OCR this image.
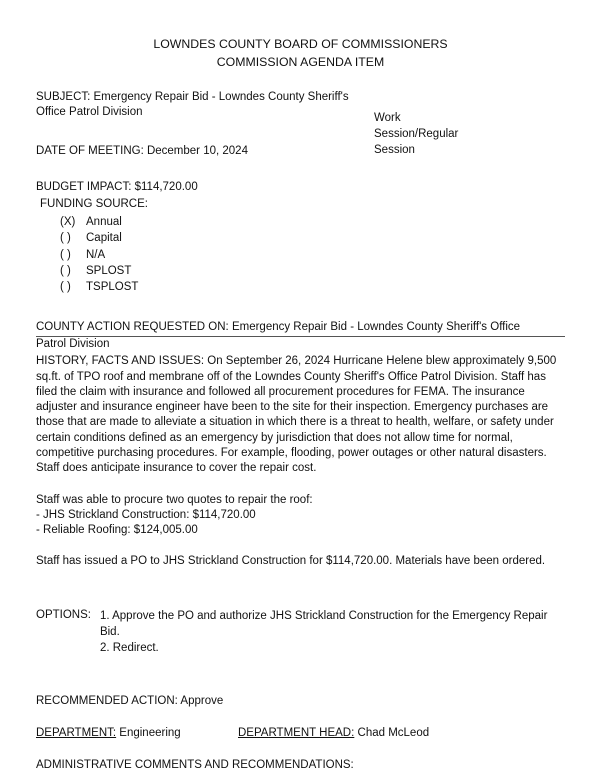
LOWNDES COUNTY BOARD OF COMMISSIONERS
COMMISSION AGENDA ITEM
SUBJECT: Emergency Repair Bid - Lowndes County Sheriff's Office Patrol Division
Work Session/Regular Session
DATE OF MEETING: December 10, 2024
BUDGET IMPACT: $114,720.00
FUNDING SOURCE:
(X) Annual
( )	Capital
( )	N/A
( )	SPLOST
( )	TSPLOST
COUNTY ACTION REQUESTED ON: Emergency Repair Bid - Lowndes County Sheriff's Office
Patrol Division
HISTORY, FACTS AND ISSUES: On September 26, 2024 Hurricane Helene blew approximately 9,500 sq.ft. of TPO roof and membrane off of the Lowndes County Sheriff's Office Patrol Division. Staff has filed the claim with insurance and followed all procurement procedures for FEMA. The insurance adjuster and insurance engineer have been to the site for their inspection. Emergency purchases are those that are made to alleviate a situation in which there is a threat to health, welfare, or safety under certain conditions defined as an emergency by jurisdiction that does not allow time for normal, competitive purchasing procedures. For example, flooding, power outages or other natural disasters. Staff does anticipate insurance to cover the repair cost.
Staff was able to procure two quotes to repair the roof:
- JHS Strickland Construction: $114,720.00
- Reliable Roofing: $124,005.00
Staff has issued a PO to JHS Strickland Construction for $114,720.00. Materials have been ordered.
OPTIONS: 1. Approve the PO and authorize JHS Strickland Construction for the Emergency Repair Bid.
2. Redirect.
RECOMMENDED ACTION: Approve
DEPARTMENT: Engineering	DEPARTMENT HEAD: Chad McLeod
ADMINISTRATIVE COMMENTS AND RECOMMENDATIONS:
